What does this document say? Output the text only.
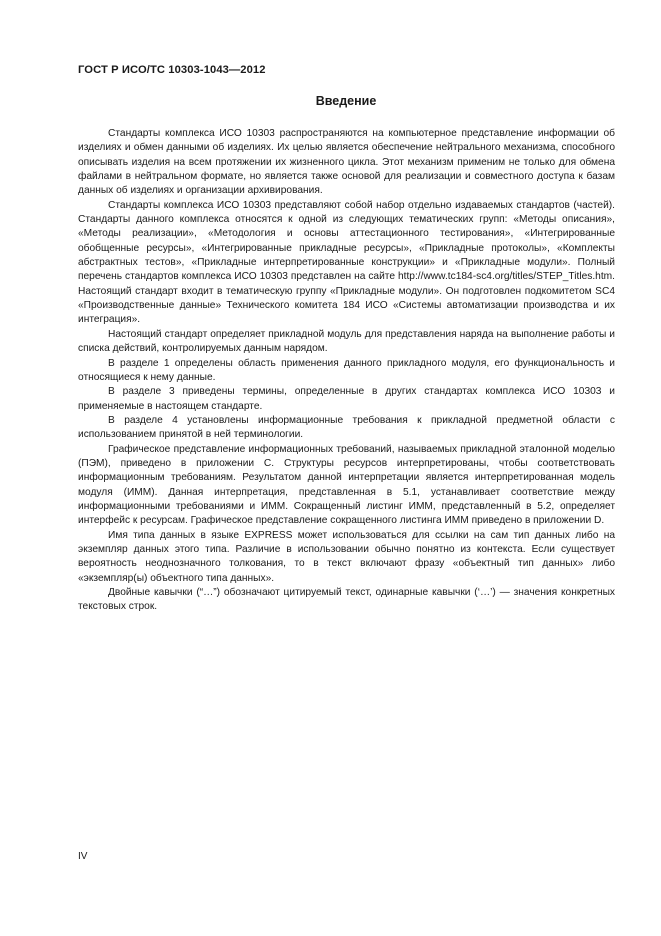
ГОСТ Р ИСО/ТС 10303-1043—2012
Введение

Стандарты комплекса ИСО 10303 распространяются на компьютерное представление информации об изделиях и обмен данными об изделиях. Их целью является обеспечение нейтрального механизма, способного описывать изделия на всем протяжении их жизненного цикла. Этот механизм применим не только для обмена файлами в нейтральном формате, но является также основой для реализации и совместного доступа к базам данных об изделиях и организации архивирования.

Стандарты комплекса ИСО 10303 представляют собой набор отдельно издаваемых стандартов (частей). Стандарты данного комплекса относятся к одной из следующих тематических групп: «Методы описания», «Методы реализации», «Методология и основы аттестационного тестирования», «Интегрированные обобщенные ресурсы», «Интегрированные прикладные ресурсы», «Прикладные протоколы», «Комплекты абстрактных тестов», «Прикладные интерпретированные конструкции» и «Прикладные модули». Полный перечень стандартов комплекса ИСО 10303 представлен на сайте http://www.tc184-sc4.org/titles/STEP_Titles.htm. Настоящий стандарт входит в тематическую группу «Прикладные модули». Он подготовлен подкомитетом SC4 «Производственные данные» Технического комитета 184 ИСО «Системы автоматизации производства и их интеграция».

Настоящий стандарт определяет прикладной модуль для представления наряда на выполнение работы и списка действий, контролируемых данным нарядом.

В разделе 1 определены область применения данного прикладного модуля, его функциональность и относящиеся к нему данные.

В разделе 3 приведены термины, определенные в других стандартах комплекса ИСО 10303 и применяемые в настоящем стандарте.

В разделе 4 установлены информационные требования к прикладной предметной области с использованием принятой в ней терминологии.

Графическое представление информационных требований, называемых прикладной эталонной моделью (ПЭМ), приведено в приложении C. Структуры ресурсов интерпретированы, чтобы соответствовать информационным требованиям. Результатом данной интерпретации является интерпретированная модель модуля (ИММ). Данная интерпретация, представленная в 5.1, устанавливает соответствие между информационными требованиями и ИММ. Сокращенный листинг ИММ, представленный в 5.2, определяет интерфейс к ресурсам. Графическое представление сокращенного листинга ИММ приведено в приложении D.

Имя типа данных в языке EXPRESS может использоваться для ссылки на сам тип данных либо на экземпляр данных этого типа. Различие в использовании обычно понятно из контекста. Если существует вероятность неоднозначного толкования, то в текст включают фразу «объектный тип данных» либо «экземпляр(ы) объектного типа данных».

Двойные кавычки (“…”) обозначают цитируемый текст, одинарные кавычки (‘…’) — значения конкретных текстовых строк.

IV
